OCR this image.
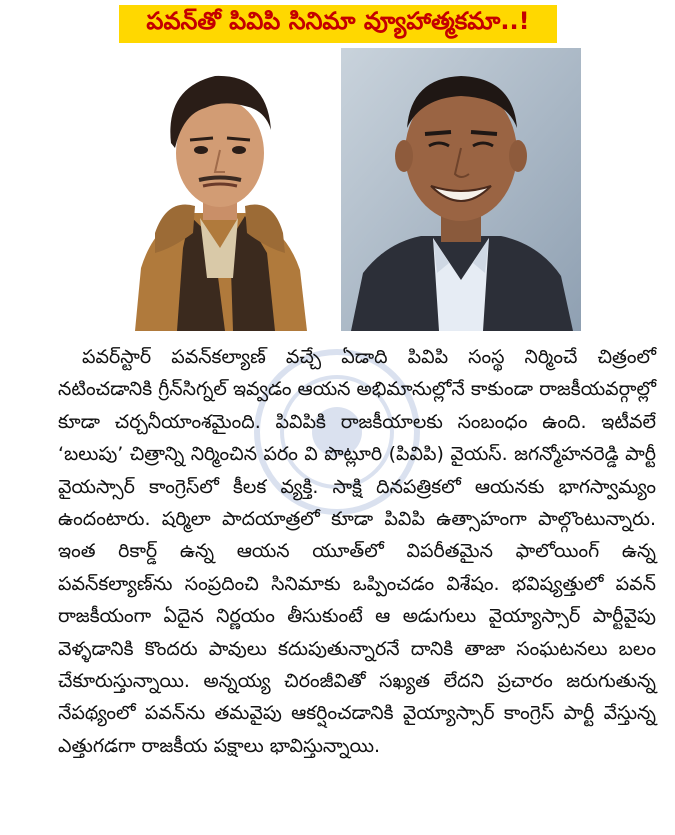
పవన్‌తో పివిపి సినిమా వ్యూహాత్మకమా..!

పవర్‌స్టార్ పవన్‌కల్యాణ్ వచ్చే ఏడాది పివిపి సంస్థ నిర్మించే చిత్రంలో నటించడానికి గ్రీన్‌సిగ్నల్ ఇవ్వడం ఆయన అభిమానుల్లోనే కాకుండా రాజకీయవర్గాల్లో కూడా చర్చనీయాంశమైంది. పివిపికి రాజకీయాలకు సంబంధం ఉంది. ఇటీవలే ‘బలుపు’ చిత్రాన్ని నిర్మించిన పరం వి పొట్లూరి (పివిపి) వైయస్. జగన్మోహనరెడ్డి పార్టీ వైయస్సార్ కాంగ్రెస్‌లో కీలక వ్యక్తి. సాక్షి దినపత్రికలో ఆయనకు భాగస్వామ్యం ఉందంటారు. షర్మిలా పాదయాత్రలో కూడా పివిపి ఉత్సాహంగా పాల్గొంటున్నారు. ఇంత రికార్డ్ ఉన్న ఆయన యూత్‌లో విపరీతమైన ఫాలోయింగ్ ఉన్న పవన్‌కల్యాణ్‌ను సంప్రదించి సినిమాకు ఒప్పించడం విశేషం. భవిష్యత్తులో పవన్ రాజకీయంగా ఏదైన నిర్ణయం తీసుకుంటే ఆ అడుగులు వైయ్యాస్సార్ పార్టీవైపు వెళ్ళడానికి కొందరు పావులు కదుపుతున్నారనే దానికి తాజా సంఘటనలు బలం చేకూరుస్తున్నాయి. అన్నయ్య చిరంజీవితో సఖ్యత లేదని ప్రచారం జరుగుతున్న నేపథ్యంలో పవన్‌ను తమవైపు ఆకర్షించడానికి వైయ్యాస్సార్ కాంగ్రెస్ పార్టీ వేస్తున్న ఎత్తుగడగా రాజకీయ పక్షాలు భావిస్తున్నాయి.
